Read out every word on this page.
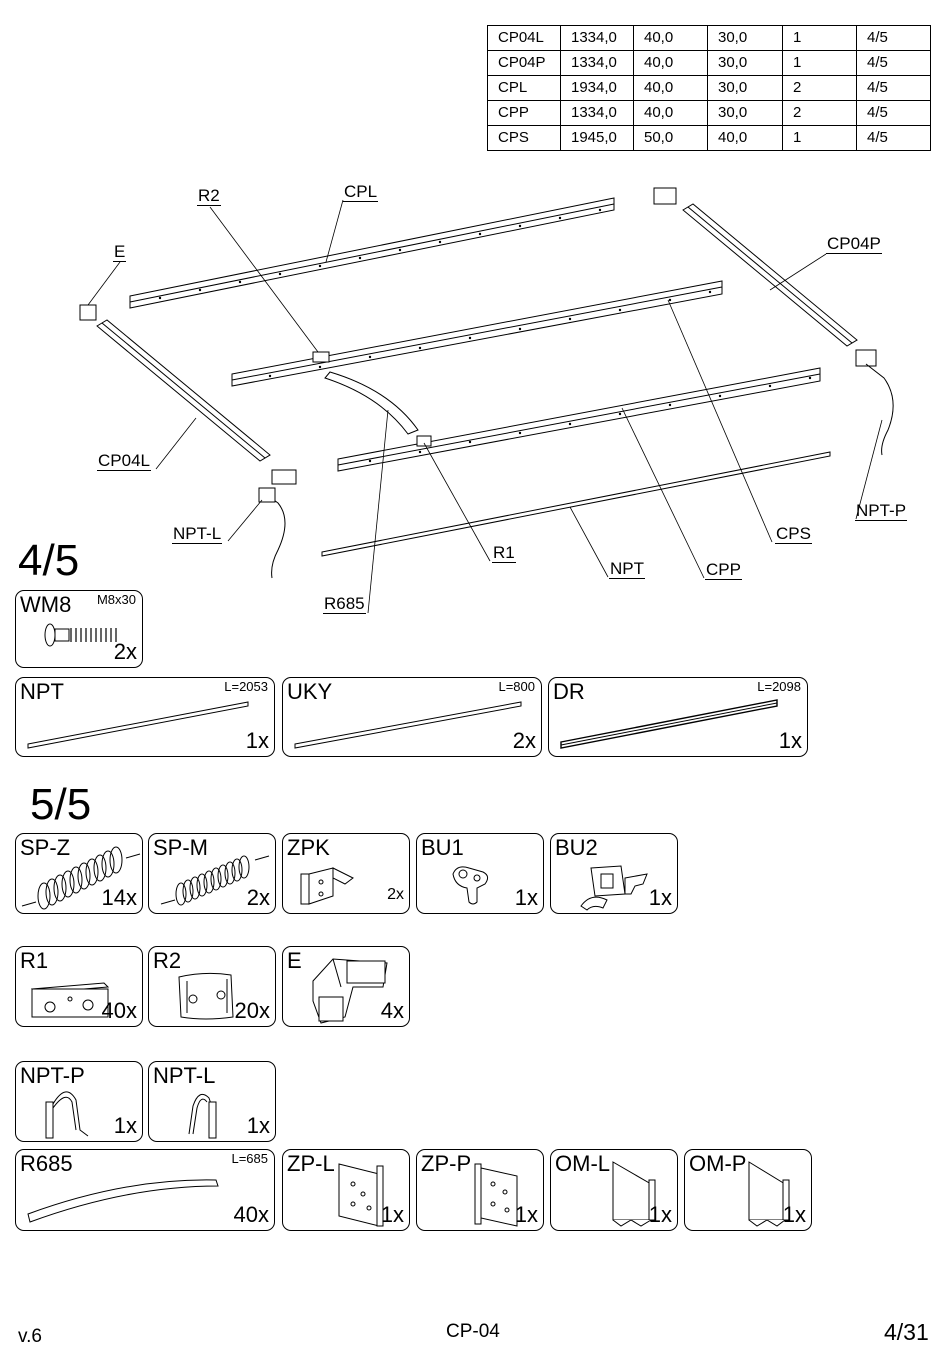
CP04L	1334,0	40,0	30,0	1	4/5
CP04P	1334,0	40,0	30,0	1	4/5
CPL	1934,0	40,0	30,0	2	4/5
CPP	1334,0	40,0	30,0	2	4/5
CPS	1945,0	50,0	40,0	1	4/5
R2	CPL
E	CP04P
CP04L
NPT-L
NPT-P
CPS
R1
NPT	CPP
R685
4/5
WM8 M8x30
2x
NPT	L=2053
1x
UKY	L=800
2x
DR	L=2098
1x
5/5
SP-Z
14x
SP-M
2x
ZPK
2x
BU1
1x
BU2
1x
R1
40x
R2
20x
E
4x
NPT-P
1x
NPT-L
1x
R685	L=685
40x
ZP-L
1x
ZP-P
1x
OM-L
1x
OM-P
1x
v.6	CP-04	4/31
